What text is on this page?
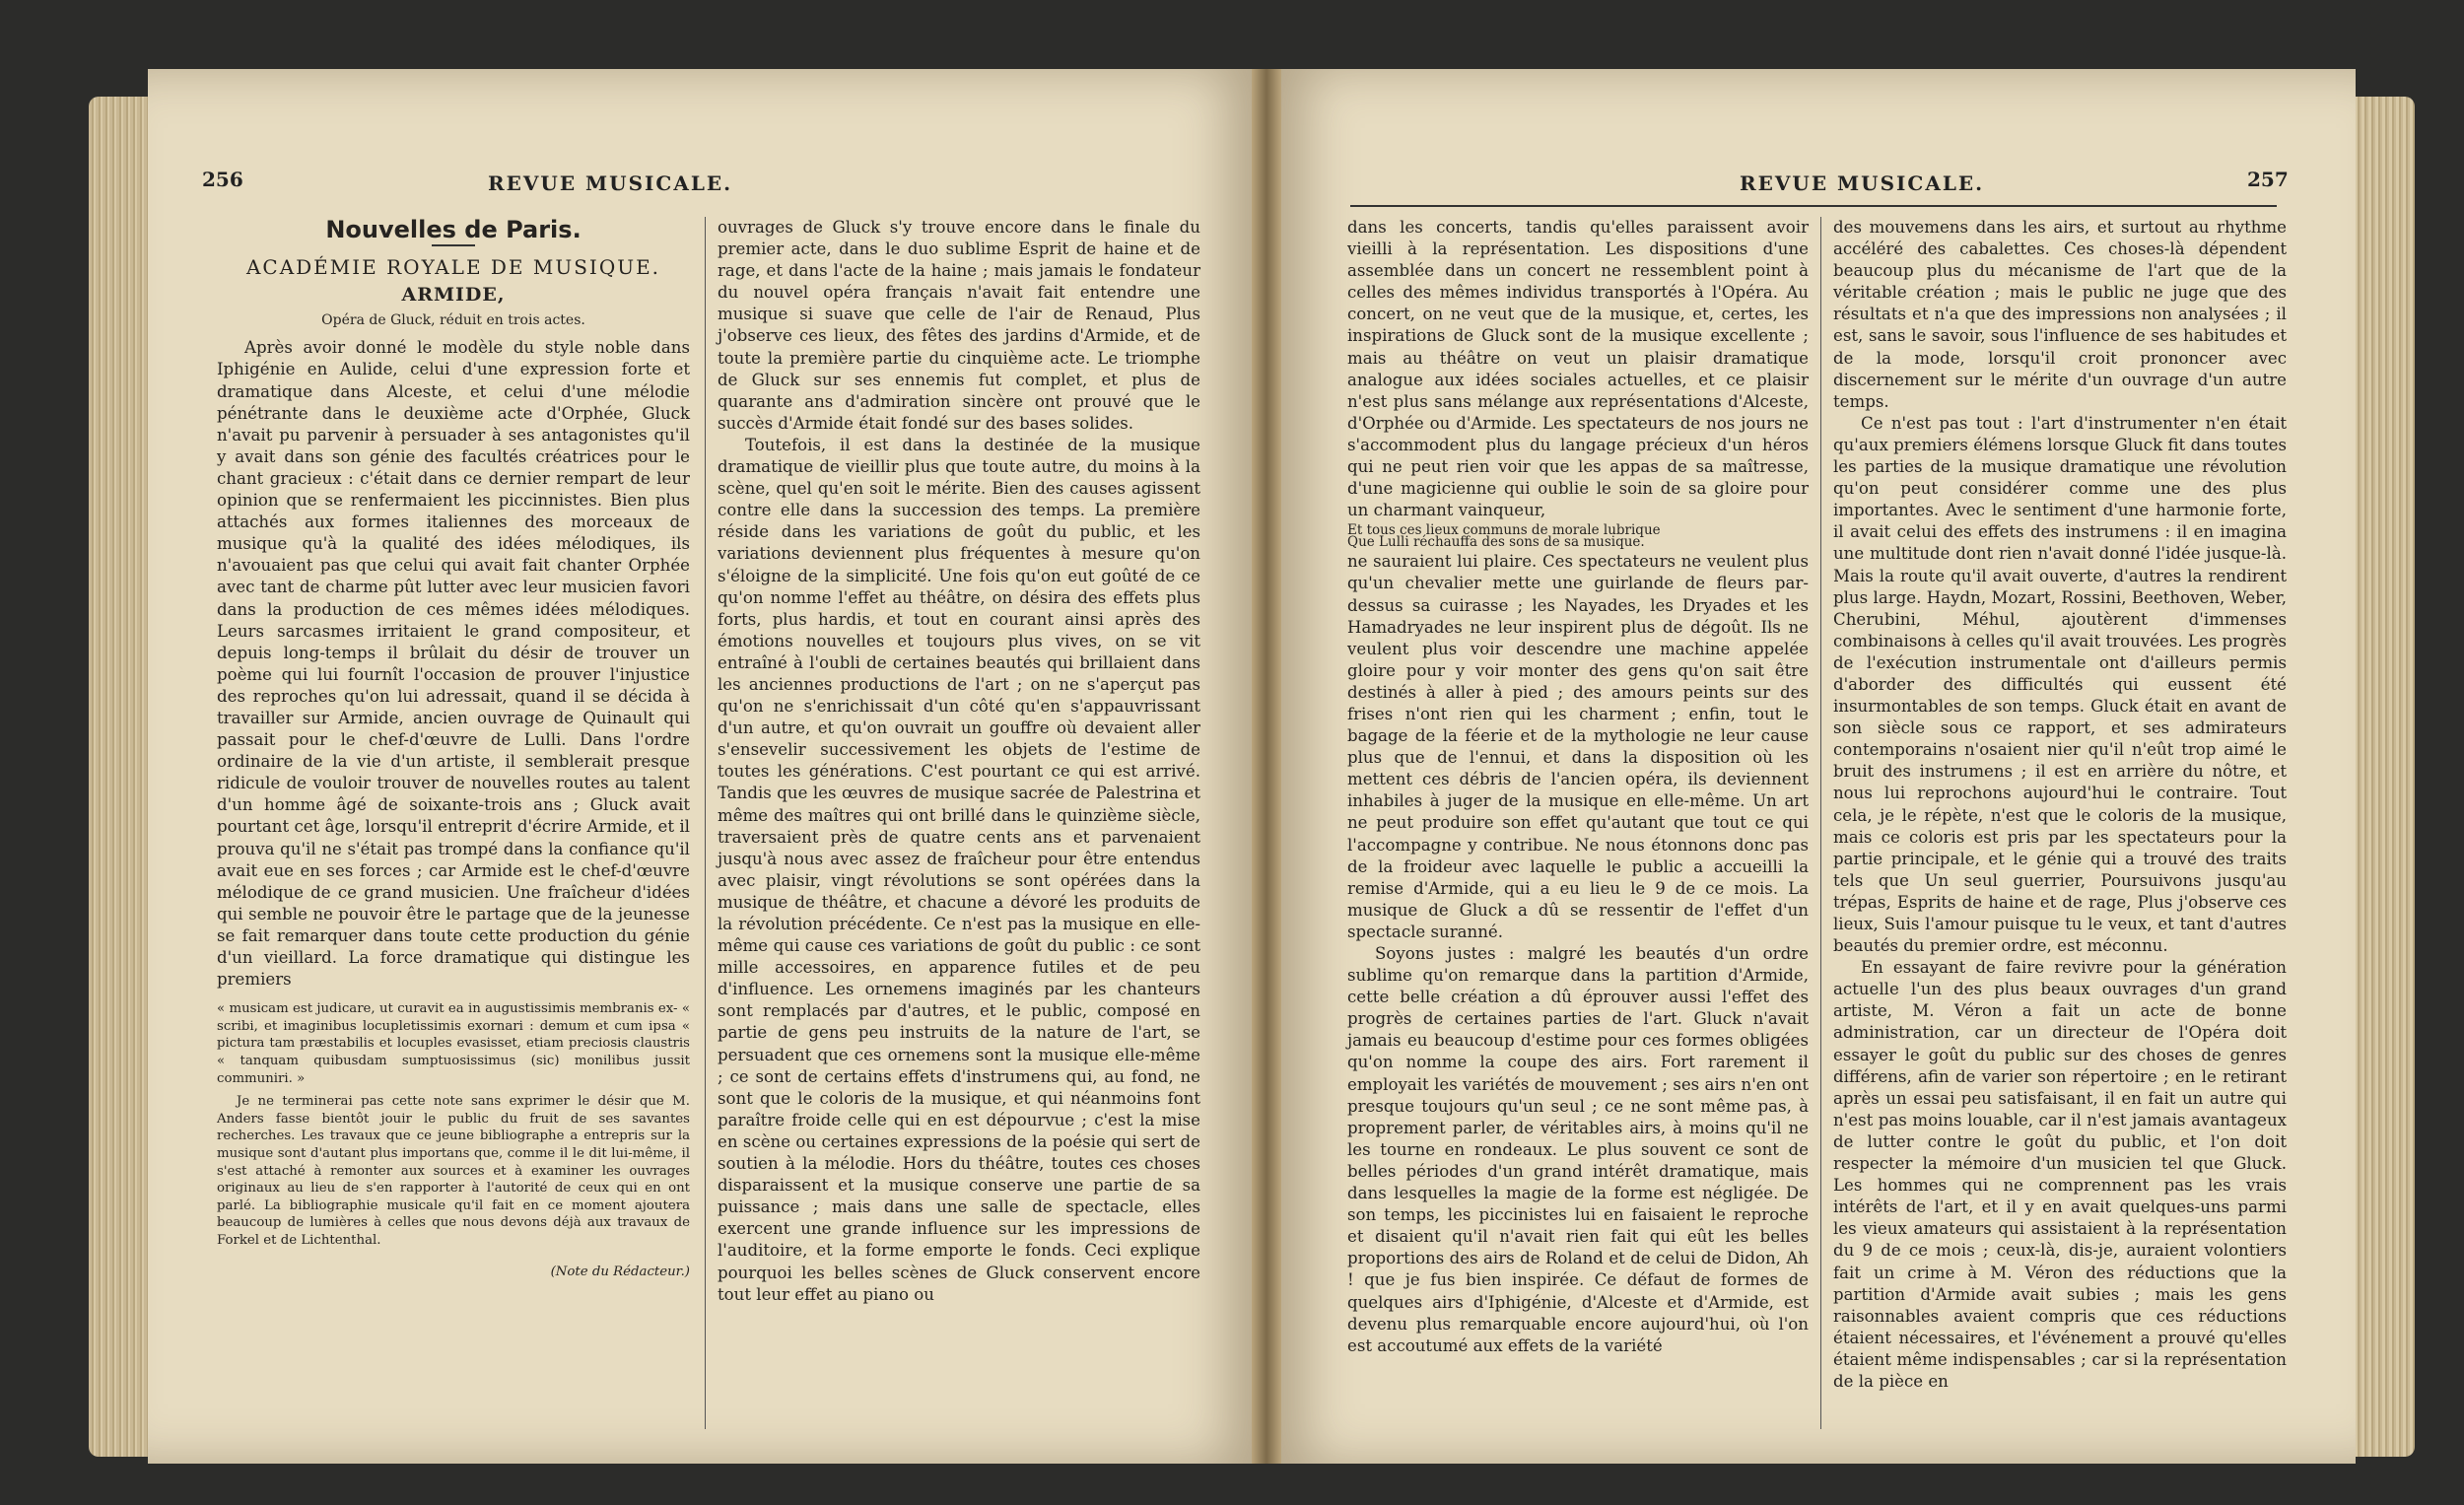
256	REVUE MUSICALE.
Nouvelles de Paris.
ACADÉMIE ROYALE DE MUSIQUE.
ARMIDE,
Opéra de Gluck, réduit en trois actes.

Après avoir donné le modèle du style noble dans Iphigénie en Aulide, celui d'une expression forte et dramatique dans Alceste, et celui d'une mélodie pénétrante dans le deuxième acte d'Orphée, Gluck n'avait pu parvenir à persuader à ses antagonistes qu'il y avait dans son génie des facultés créatrices pour le chant gracieux : c'était dans ce dernier rempart de leur opinion que se renfermaient les piccinnistes. Bien plus attachés aux formes italiennes des morceaux de musique qu'à la qualité des idées mélodiques, ils n'avouaient pas que celui qui avait fait chanter Orphée avec tant de charme pût lutter avec leur musicien favori dans la production de ces mêmes idées mélodiques. Leurs sarcasmes irritaient le grand compositeur, et depuis long-temps il brûlait du désir de trouver un poème qui lui fournît l'occasion de prouver l'injustice des reproches qu'on lui adressait, quand il se décida à travailler sur Armide, ancien ouvrage de Quinault qui passait pour le chef-d'œuvre de Lulli. Dans l'ordre ordinaire de la vie d'un artiste, il semblerait presque ridicule de vouloir trouver de nouvelles routes au talent d'un homme âgé de soixante-trois ans ; Gluck avait pourtant cet âge, lorsqu'il entreprit d'écrire Armide, et il prouva qu'il ne s'était pas trompé dans la confiance qu'il avait eue en ses forces ; car Armide est le chef-d'œuvre mélodique de ce grand musicien. Une fraîcheur d'idées qui semble ne pouvoir être le partage que de la jeunesse se fait remarquer dans toute cette production du génie d'un vieillard. La force dramatique qui distingue les premiers

« musicam est judicare, ut curavit ea in augustissimis membranis ex- « scribi, et imaginibus locupletissimis exornari : demum et cum ipsa « pictura tam præstabilis et locuples evasisset, etiam preciosis claustris « tanquam quibusdam sumptuosissimus (sic) monilibus jussit communiri. »

Je ne terminerai pas cette note sans exprimer le désir que M. Anders fasse bientôt jouir le public du fruit de ses savantes recherches. Les travaux que ce jeune bibliographe a entrepris sur la musique sont d'autant plus importans que, comme il le dit lui-même, il s'est attaché à remonter aux sources et à examiner les ouvrages originaux au lieu de s'en rapporter à l'autorité de ceux qui en ont parlé. La bibliographie musicale qu'il fait en ce moment ajoutera beaucoup de lumières à celles que nous devons déjà aux travaux de Forkel et de Lichtenthal.

(Note du Rédacteur.)

ouvrages de Gluck s'y trouve encore dans le finale du premier acte, dans le duo sublime Esprit de haine et de rage, et dans l'acte de la haine ; mais jamais le fondateur du nouvel opéra français n'avait fait entendre une musique si suave que celle de l'air de Renaud, Plus j'observe ces lieux, des fêtes des jardins d'Armide, et de toute la première partie du cinquième acte. Le triomphe de Gluck sur ses ennemis fut complet, et plus de quarante ans d'admiration sincère ont prouvé que le succès d'Armide était fondé sur des bases solides.

Toutefois, il est dans la destinée de la musique dramatique de vieillir plus que toute autre, du moins à la scène, quel qu'en soit le mérite. Bien des causes agissent contre elle dans la succession des temps. La première réside dans les variations de goût du public, et les variations deviennent plus fréquentes à mesure qu'on s'éloigne de la simplicité. Une fois qu'on eut goûté de ce qu'on nomme l'effet au théâtre, on désira des effets plus forts, plus hardis, et tout en courant ainsi après des émotions nouvelles et toujours plus vives, on se vit entraîné à l'oubli de certaines beautés qui brillaient dans les anciennes productions de l'art ; on ne s'aperçut pas qu'on ne s'enrichissait d'un côté qu'en s'appauvrissant d'un autre, et qu'on ouvrait un gouffre où devaient aller s'ensevelir successivement les objets de l'estime de toutes les générations. C'est pourtant ce qui est arrivé. Tandis que les œuvres de musique sacrée de Palestrina et même des maîtres qui ont brillé dans le quinzième siècle, traversaient près de quatre cents ans et parvenaient jusqu'à nous avec assez de fraîcheur pour être entendus avec plaisir, vingt révolutions se sont opérées dans la musique de théâtre, et chacune a dévoré les produits de la révolution précédente. Ce n'est pas la musique en elle-même qui cause ces variations de goût du public : ce sont mille accessoires, en apparence futiles et de peu d'influence. Les ornemens imaginés par les chanteurs sont remplacés par d'autres, et le public, composé en partie de gens peu instruits de la nature de l'art, se persuadent que ces ornemens sont la musique elle-même ; ce sont de certains effets d'instrumens qui, au fond, ne sont que le coloris de la musique, et qui néanmoins font paraître froide celle qui en est dépourvue ; c'est la mise en scène ou certaines expressions de la poésie qui sert de soutien à la mélodie. Hors du théâtre, toutes ces choses disparaissent et la musique conserve une partie de sa puissance ; mais dans une salle de spectacle, elles exercent une grande influence sur les impressions de l'auditoire, et la forme emporte le fonds. Ceci explique pourquoi les belles scènes de Gluck conservent encore tout leur effet au piano ou

REVUE MUSICALE.	257

dans les concerts, tandis qu'elles paraissent avoir vieilli à la représentation. Les dispositions d'une assemblée dans un concert ne ressemblent point à celles des mêmes individus transportés à l'Opéra. Au concert, on ne veut que de la musique, et, certes, les inspirations de Gluck sont de la musique excellente ; mais au théâtre on veut un plaisir dramatique analogue aux idées sociales actuelles, et ce plaisir n'est plus sans mélange aux représentations d'Alceste, d'Orphée ou d'Armide. Les spectateurs de nos jours ne s'accommodent plus du langage précieux d'un héros qui ne peut rien voir que les appas de sa maîtresse, d'une magicienne qui oublie le soin de sa gloire pour un charmant vainqueur,

Et tous ces lieux communs de morale lubrique

Que Lulli réchauffa des sons de sa musique.

ne sauraient lui plaire. Ces spectateurs ne veulent plus qu'un chevalier mette une guirlande de fleurs par-dessus sa cuirasse ; les Nayades, les Dryades et les Hamadryades ne leur inspirent plus de dégoût. Ils ne veulent plus voir descendre une machine appelée gloire pour y voir monter des gens qu'on sait être destinés à aller à pied ; des amours peints sur des frises n'ont rien qui les charment ; enfin, tout le bagage de la féerie et de la mythologie ne leur cause plus que de l'ennui, et dans la disposition où les mettent ces débris de l'ancien opéra, ils deviennent inhabiles à juger de la musique en elle-même. Un art ne peut produire son effet qu'autant que tout ce qui l'accompagne y contribue. Ne nous étonnons donc pas de la froideur avec laquelle le public a accueilli la remise d'Armide, qui a eu lieu le 9 de ce mois. La musique de Gluck a dû se ressentir de l'effet d'un spectacle suranné.

Soyons justes : malgré les beautés d'un ordre sublime qu'on remarque dans la partition d'Armide, cette belle création a dû éprouver aussi l'effet des progrès de certaines parties de l'art. Gluck n'avait jamais eu beaucoup d'estime pour ces formes obligées qu'on nomme la coupe des airs. Fort rarement il employait les variétés de mouvement ; ses airs n'en ont presque toujours qu'un seul ; ce ne sont même pas, à proprement parler, de véritables airs, à moins qu'il ne les tourne en rondeaux. Le plus souvent ce sont de belles périodes d'un grand intérêt dramatique, mais dans lesquelles la magie de la forme est négligée. De son temps, les piccinistes lui en faisaient le reproche et disaient qu'il n'avait rien fait qui eût les belles proportions des airs de Roland et de celui de Didon, Ah ! que je fus bien inspirée. Ce défaut de formes de quelques airs d'Iphigénie, d'Alceste et d'Armide, est devenu plus remarquable encore aujourd'hui, où l'on est accoutumé aux effets de la variété

des mouvemens dans les airs, et surtout au rhythme accéléré des cabalettes. Ces choses-là dépendent beaucoup plus du mécanisme de l'art que de la véritable création ; mais le public ne juge que des résultats et n'a que des impressions non analysées ; il est, sans le savoir, sous l'influence de ses habitudes et de la mode, lorsqu'il croit prononcer avec discernement sur le mérite d'un ouvrage d'un autre temps.

Ce n'est pas tout : l'art d'instrumenter n'en était qu'aux premiers élémens lorsque Gluck fit dans toutes les parties de la musique dramatique une révolution qu'on peut considérer comme une des plus importantes. Avec le sentiment d'une harmonie forte, il avait celui des effets des instrumens : il en imagina une multitude dont rien n'avait donné l'idée jusque-là. Mais la route qu'il avait ouverte, d'autres la rendirent plus large. Haydn, Mozart, Rossini, Beethoven, Weber, Cherubini, Méhul, ajoutèrent d'immenses combinaisons à celles qu'il avait trouvées. Les progrès de l'exécution instrumentale ont d'ailleurs permis d'aborder des difficultés qui eussent été insurmontables de son temps. Gluck était en avant de son siècle sous ce rapport, et ses admirateurs contemporains n'osaient nier qu'il n'eût trop aimé le bruit des instrumens ; il est en arrière du nôtre, et nous lui reprochons aujourd'hui le contraire. Tout cela, je le répète, n'est que le coloris de la musique, mais ce coloris est pris par les spectateurs pour la partie principale, et le génie qui a trouvé des traits tels que Un seul guerrier, Poursuivons jusqu'au trépas, Esprits de haine et de rage, Plus j'observe ces lieux, Suis l'amour puisque tu le veux, et tant d'autres beautés du premier ordre, est méconnu.

En essayant de faire revivre pour la génération actuelle l'un des plus beaux ouvrages d'un grand artiste, M. Véron a fait un acte de bonne administration, car un directeur de l'Opéra doit essayer le goût du public sur des choses de genres différens, afin de varier son répertoire ; en le retirant après un essai peu satisfaisant, il en fait un autre qui n'est pas moins louable, car il n'est jamais avantageux de lutter contre le goût du public, et l'on doit respecter la mémoire d'un musicien tel que Gluck. Les hommes qui ne comprennent pas les vrais intérêts de l'art, et il y en avait quelques-uns parmi les vieux amateurs qui assistaient à la représentation du 9 de ce mois ; ceux-là, dis-je, auraient volontiers fait un crime à M. Véron des réductions que la partition d'Armide avait subies ; mais les gens raisonnables avaient compris que ces réductions étaient nécessaires, et l'événement a prouvé qu'elles étaient même indispensables ; car si la représentation de la pièce en
